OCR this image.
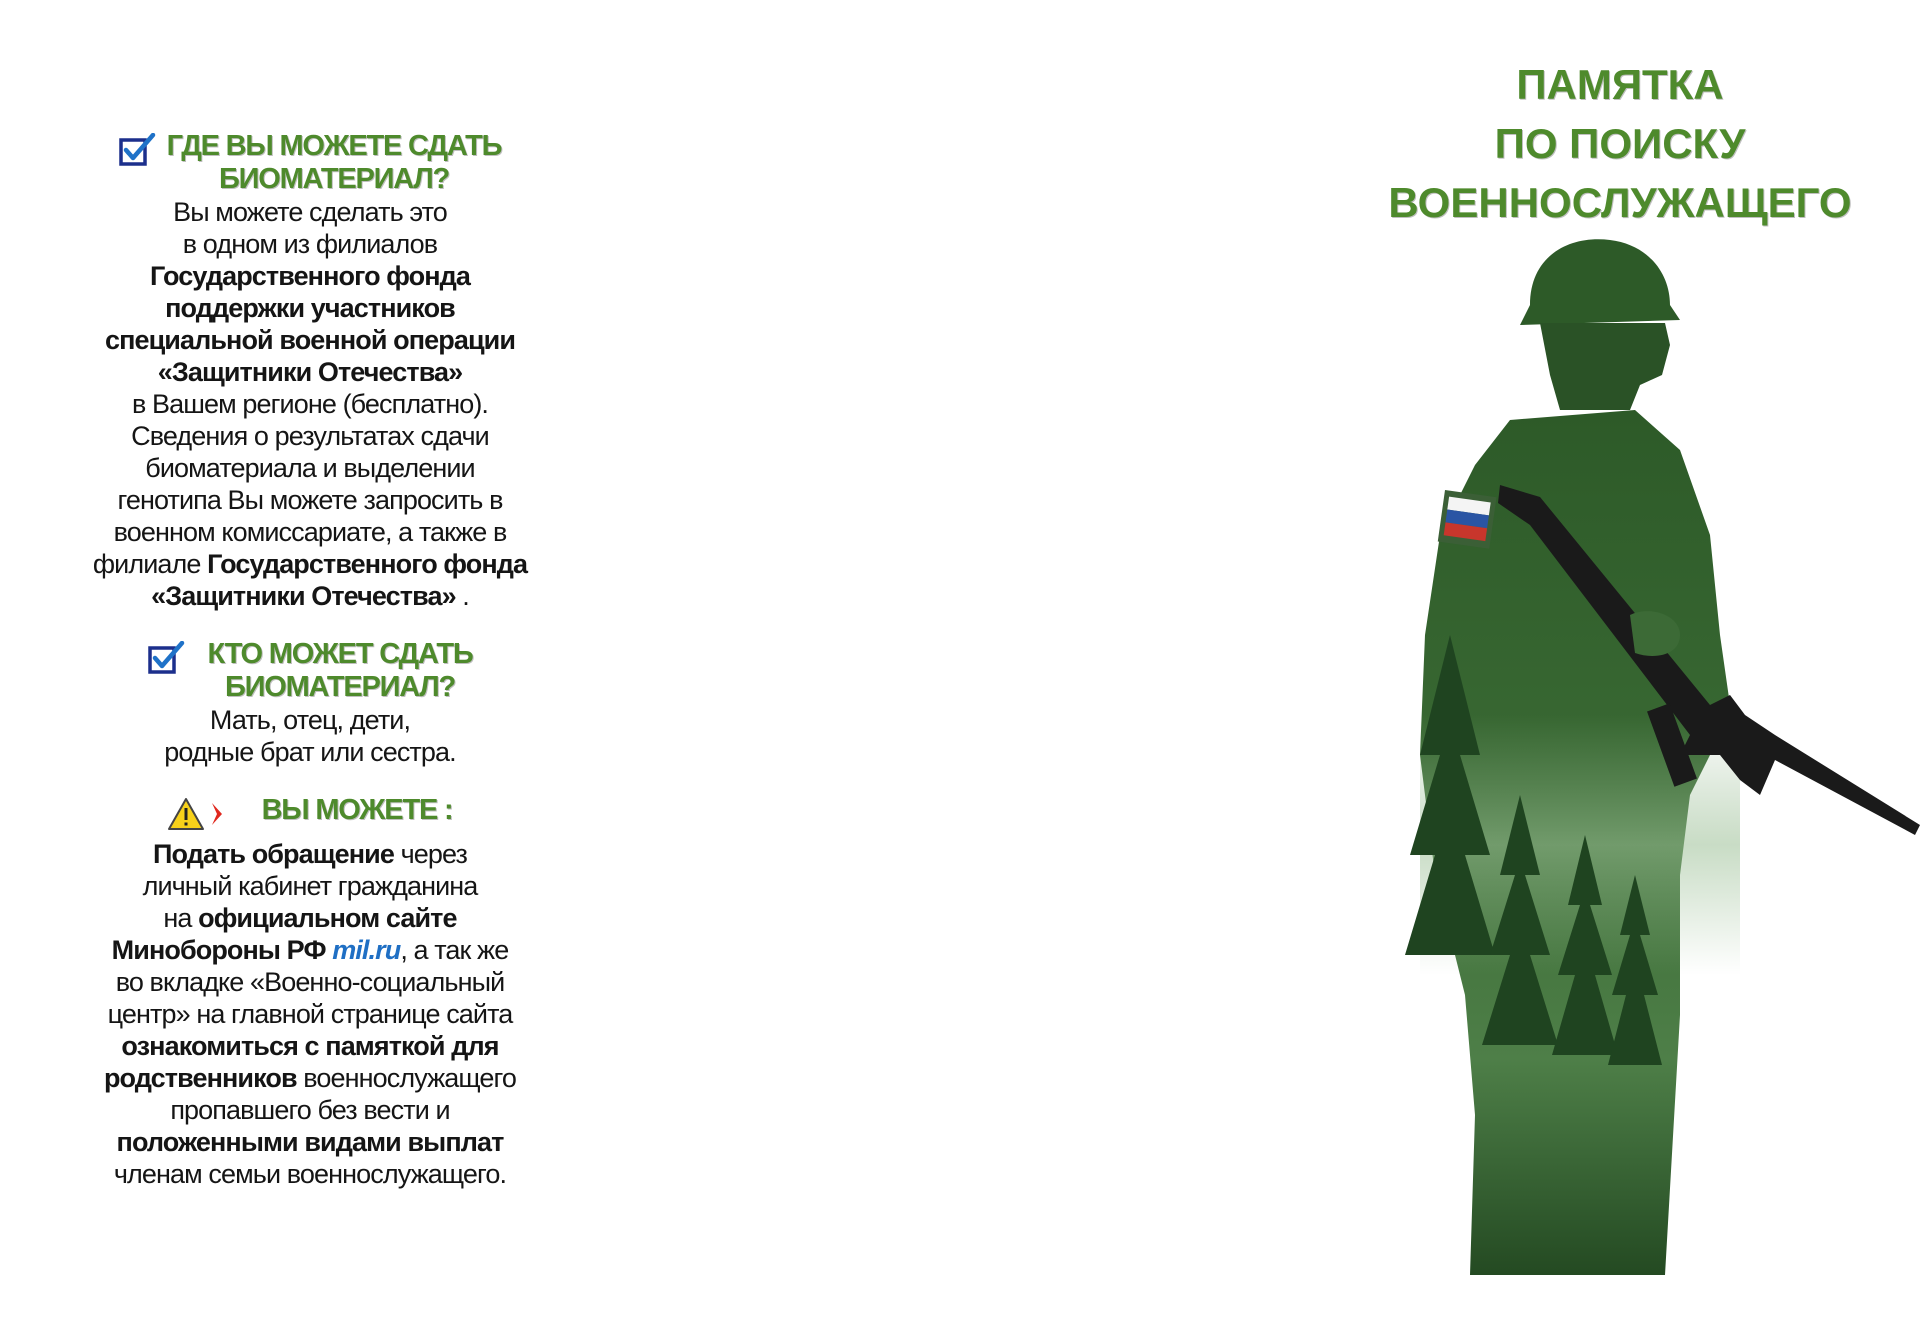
ГДЕ ВЫ МОЖЕТЕ СДАТЬ
БИОМАТЕРИАЛ?
Вы можете сделать это
в одном из филиалов
Государственного фонда
поддержки участников
специальной военной операции
«Защитники Отечества»
в Вашем регионе (бесплатно).
Сведения о результатах сдачи
биоматериала и выделении
генотипа Вы можете запросить в
военном комиссариате, а также в
филиале Государственного фонда
«Защитники Отечества» .
КТО МОЖЕТ СДАТЬ
БИОМАТЕРИАЛ?
Мать, отец, дети,
родные брат или сестра.
ВЫ МОЖЕТЕ :
Подать обращение через
личный кабинет гражданина
на официальном сайте
Минобороны РФ mil.ru, а так же
во вкладке «Военно-социальный
центр» на главной странице сайта
ознакомиться с памяткой для
родственников военнослужащего
пропавшего без вести и
положенными видами выплат
членам семьи военнослужащего.
ПАМЯТКА
ПО ПОИСКУ
ВОЕННОСЛУЖАЩЕГО
